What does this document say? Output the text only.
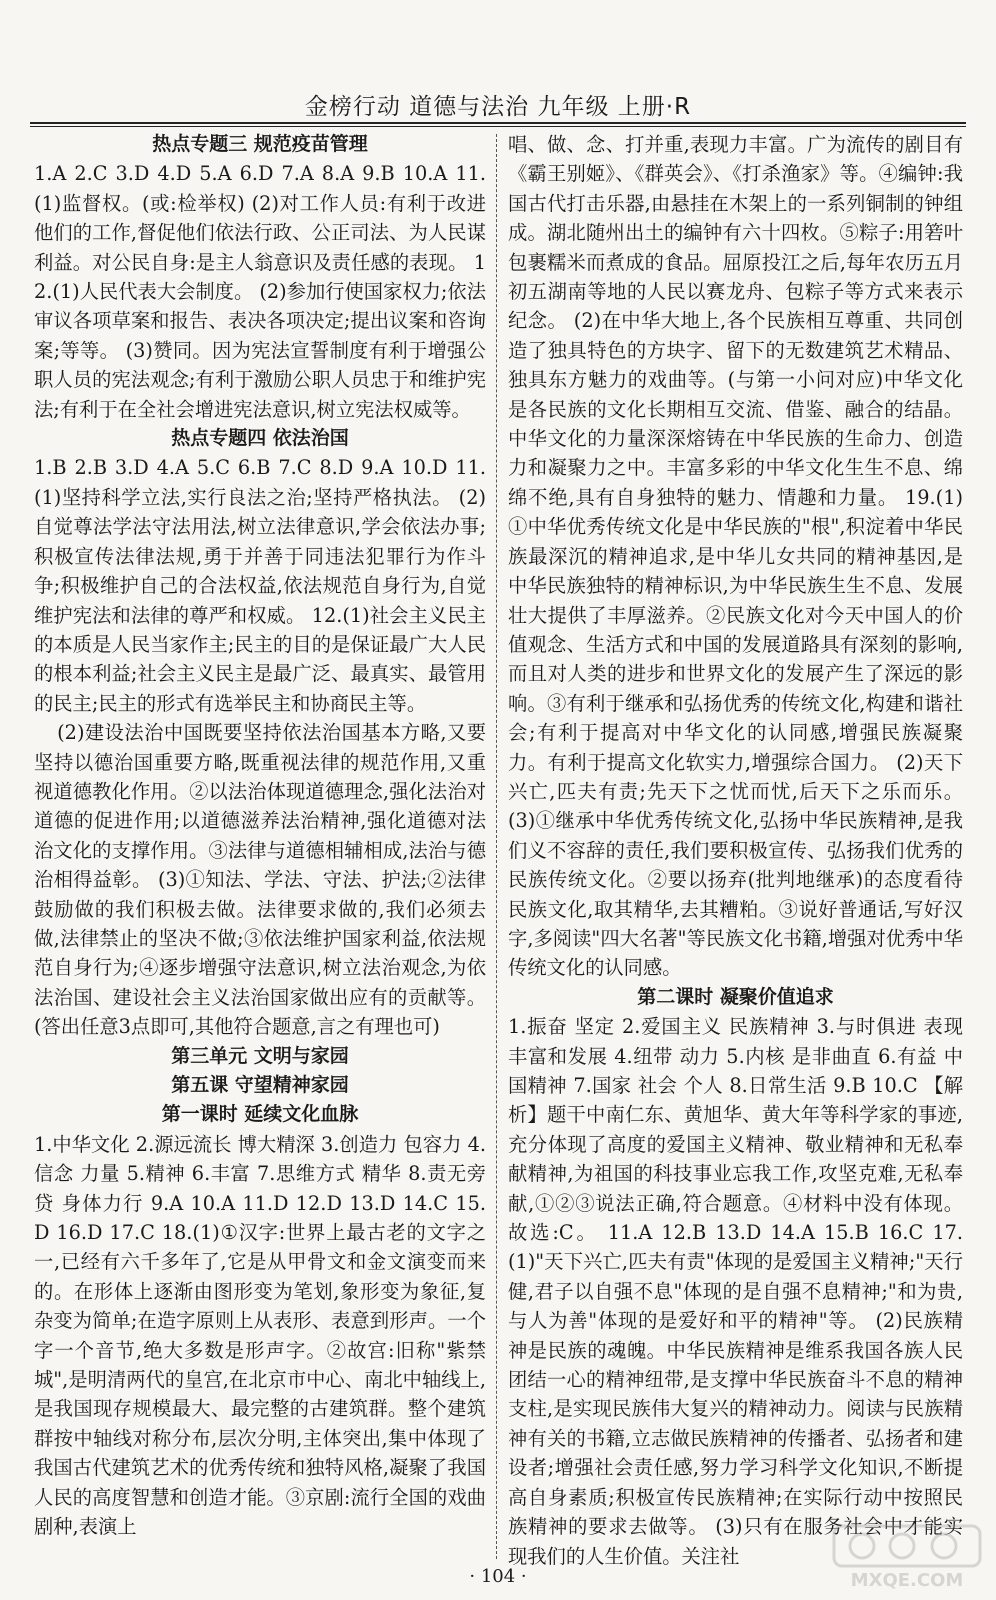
金榜行动 道德与法治 九年级 上册·R
热点专题三 规范疫苗管理
1.A 2.C 3.D 4.D 5.A 6.D 7.A 8.A 9.B 10.A 11.(1)监督权。(或:检举权) (2)对工作人员:有利于改进他们的工作,督促他们依法行政、公正司法、为人民谋利益。对公民自身:是主人翁意识及责任感的表现。 12.(1)人民代表大会制度。 (2)参加行使国家权力;依法审议各项草案和报告、表决各项决定;提出议案和咨询案;等等。 (3)赞同。因为宪法宣誓制度有利于增强公职人员的宪法观念;有利于激励公职人员忠于和维护宪法;有利于在全社会增进宪法意识,树立宪法权威等。
热点专题四 依法治国
1.B 2.B 3.D 4.A 5.C 6.B 7.C 8.D 9.A 10.D 11.(1)坚持科学立法,实行良法之治;坚持严格执法。 (2)自觉尊法学法守法用法,树立法律意识,学会依法办事;积极宣传法律法规,勇于并善于同违法犯罪行为作斗争;积极维护自己的合法权益,依法规范自身行为,自觉维护宪法和法律的尊严和权威。 12.(1)社会主义民主的本质是人民当家作主;民主的目的是保证最广大人民的根本利益;社会主义民主是最广泛、最真实、最管用的民主;民主的形式有选举民主和协商民主等。
(2)建设法治中国既要坚持依法治国基本方略,又要坚持以德治国重要方略,既重视法律的规范作用,又重视道德教化作用。②以法治体现道德理念,强化法治对道德的促进作用;以道德滋养法治精神,强化道德对法治文化的支撑作用。③法律与道德相辅相成,法治与德治相得益彰。 (3)①知法、学法、守法、护法;②法律鼓励做的我们积极去做。法律要求做的,我们必须去做,法律禁止的坚决不做;③依法维护国家利益,依法规范自身行为;④逐步增强守法意识,树立法治观念,为依法治国、建设社会主义法治国家做出应有的贡献等。(答出任意3点即可,其他符合题意,言之有理也可)
第三单元 文明与家园
第五课 守望精神家园
第一课时 延续文化血脉
1.中华文化 2.源远流长 博大精深 3.创造力 包容力 4.信念 力量 5.精神 6.丰富 7.思维方式 精华 8.责无旁贷 身体力行 9.A 10.A 11.D 12.D 13.D 14.C 15.D 16.D 17.C 18.(1)①汉字:世界上最古老的文字之一,已经有六千多年了,它是从甲骨文和金文演变而来的。在形体上逐渐由图形变为笔划,象形变为象征,复杂变为简单;在造字原则上从表形、表意到形声。一个字一个音节,绝大多数是形声字。②故宫:旧称"紫禁城",是明清两代的皇宫,在北京市中心、南北中轴线上,是我国现存规模最大、最完整的古建筑群。整个建筑群按中轴线对称分布,层次分明,主体突出,集中体现了我国古代建筑艺术的优秀传统和独特风格,凝聚了我国人民的高度智慧和创造才能。③京剧:流行全国的戏曲剧种,表演上
唱、做、念、打并重,表现力丰富。广为流传的剧目有《霸王别姬》、《群英会》、《打杀渔家》等。④编钟:我国古代打击乐器,由悬挂在木架上的一系列铜制的钟组成。湖北随州出土的编钟有六十四枚。⑤粽子:用箬叶包裹糯米而煮成的食品。屈原投江之后,每年农历五月初五湖南等地的人民以赛龙舟、包粽子等方式来表示纪念。 (2)在中华大地上,各个民族相互尊重、共同创造了独具特色的方块字、留下的无数建筑艺术精品、独具东方魅力的戏曲等。(与第一小问对应)中华文化是各民族的文化长期相互交流、借鉴、融合的结晶。中华文化的力量深深熔铸在中华民族的生命力、创造力和凝聚力之中。丰富多彩的中华文化生生不息、绵绵不绝,具有自身独特的魅力、情趣和力量。 19.(1)①中华优秀传统文化是中华民族的"根",积淀着中华民族最深沉的精神追求,是中华儿女共同的精神基因,是中华民族独特的精神标识,为中华民族生生不息、发展壮大提供了丰厚滋养。②民族文化对今天中国人的价值观念、生活方式和中国的发展道路具有深刻的影响,而且对人类的进步和世界文化的发展产生了深远的影响。③有利于继承和弘扬优秀的传统文化,构建和谐社会;有利于提高对中华文化的认同感,增强民族凝聚力。有利于提高文化软实力,增强综合国力。 (2)天下兴亡,匹夫有责;先天下之忧而忧,后天下之乐而乐。 (3)①继承中华优秀传统文化,弘扬中华民族精神,是我们义不容辞的责任,我们要积极宣传、弘扬我们优秀的民族传统文化。②要以扬弃(批判地继承)的态度看待民族文化,取其精华,去其糟粕。③说好普通话,写好汉字,多阅读"四大名著"等民族文化书籍,增强对优秀中华传统文化的认同感。
第二课时 凝聚价值追求
1.振奋 坚定 2.爱国主义 民族精神 3.与时俱进 表现 丰富和发展 4.纽带 动力 5.内核 是非曲直 6.有益 中国精神 7.国家 社会 个人 8.日常生活 9.B 10.C 【解析】题干中南仁东、黄旭华、黄大年等科学家的事迹,充分体现了高度的爱国主义精神、敬业精神和无私奉献精神,为祖国的科技事业忘我工作,攻坚克难,无私奉献,①②③说法正确,符合题意。④材料中没有体现。故选:C。 11.A 12.B 13.D 14.A 15.B 16.C 17.(1)"天下兴亡,匹夫有责"体现的是爱国主义精神;"天行健,君子以自强不息"体现的是自强不息精神;"和为贵,与人为善"体现的是爱好和平的精神"等。 (2)民族精神是民族的魂魄。中华民族精神是维系我国各族人民团结一心的精神纽带,是支撑中华民族奋斗不息的精神支柱,是实现民族伟大复兴的精神动力。阅读与民族精神有关的书籍,立志做民族精神的传播者、弘扬者和建设者;增强社会责任感,努力学习科学文化知识,不断提高自身素质;积极宣传民族精神;在实际行动中按照民族精神的要求去做等。 (3)只有在服务社会中才能实现我们的人生价值。关注社
· 104 ·	MXQE.COM
